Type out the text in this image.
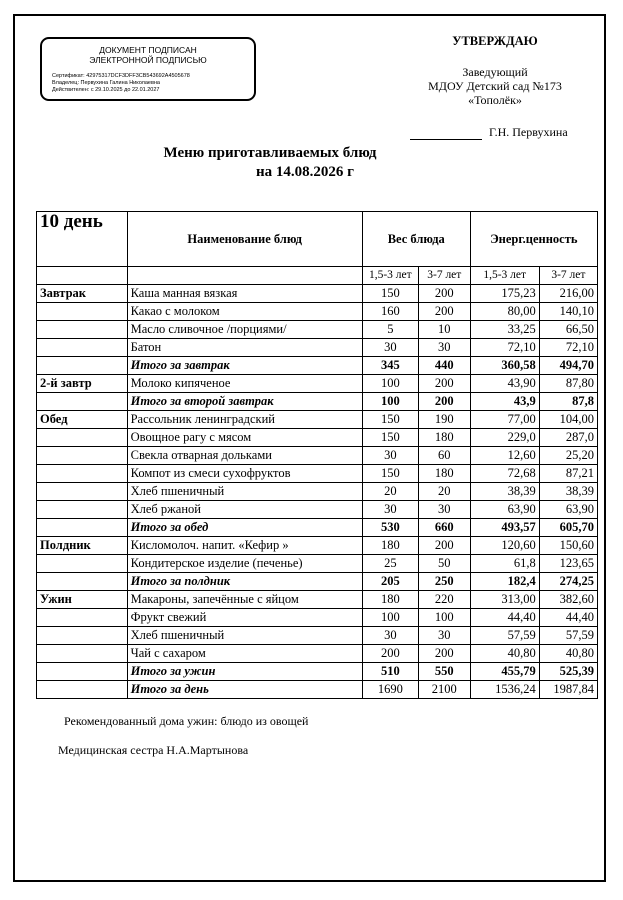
ДОКУМЕНТ ПОДПИСАН
ЭЛЕКТРОННОЙ ПОДПИСЬЮ
Сертификат: 42975317DCF3DFF3CB543692A4505678
Владелец: Первухина Галина Николаевна
Действителен: с 29.10.2025 до 22.01.2027
УТВЕРЖДАЮ
Заведующий
МДОУ Детский сад №173
«Тополёк»
Г.Н. Первухина
Меню приготавливаемых блюд
на 14.08.2026 г
10 день	Наименование блюд	Вес блюда		Энерг.ценность	
		1,5-3 лет	3-7 лет	1,5-3 лет	3-7 лет
Завтрак	Каша манная вязкая	150	200	175,23	216,00
	Какао с молоком	160	200	80,00	140,10
	Масло сливочное /порциями/	5	10	33,25	66,50
	Батон	30	30	72,10	72,10
	Итого за завтрак	345	440	360,58	494,70
2-й завтр	Молоко кипяченое	100	200	43,90	87,80
	Итого за второй завтрак	100	200	43,9	87,8
Обед	Рассольник ленинградский	150	190	77,00	104,00
	Овощное рагу с мясом	150	180	229,0	287,0
	Свекла отварная дольками	30	60	12,60	25,20
	Компот из смеси сухофруктов	150	180	72,68	87,21
	Хлеб пшеничный	20	20	38,39	38,39
	Хлеб ржаной	30	30	63,90	63,90
	Итого за обед	530	660	493,57	605,70
Полдник	Кисломолоч. напит. «Кефир »	180	200	120,60	150,60
	Кондитерское изделие (печенье)	25	50	61,8	123,65
	Итого за полдник	205	250	182,4	274,25
Ужин	Макароны, запечённые с яйцом	180	220	313,00	382,60
	Фрукт свежий	100	100	44,40	44,40
	Хлеб пшеничный	30	30	57,59	57,59
	Чай с сахаром	200	200	40,80	40,80
	Итого за ужин	510	550	455,79	525,39
	Итого за день	1690	2100	1536,24	1987,84
Рекомендованный дома ужин: блюдо из овощей
Медицинская сестра Н.А.Мартынова
